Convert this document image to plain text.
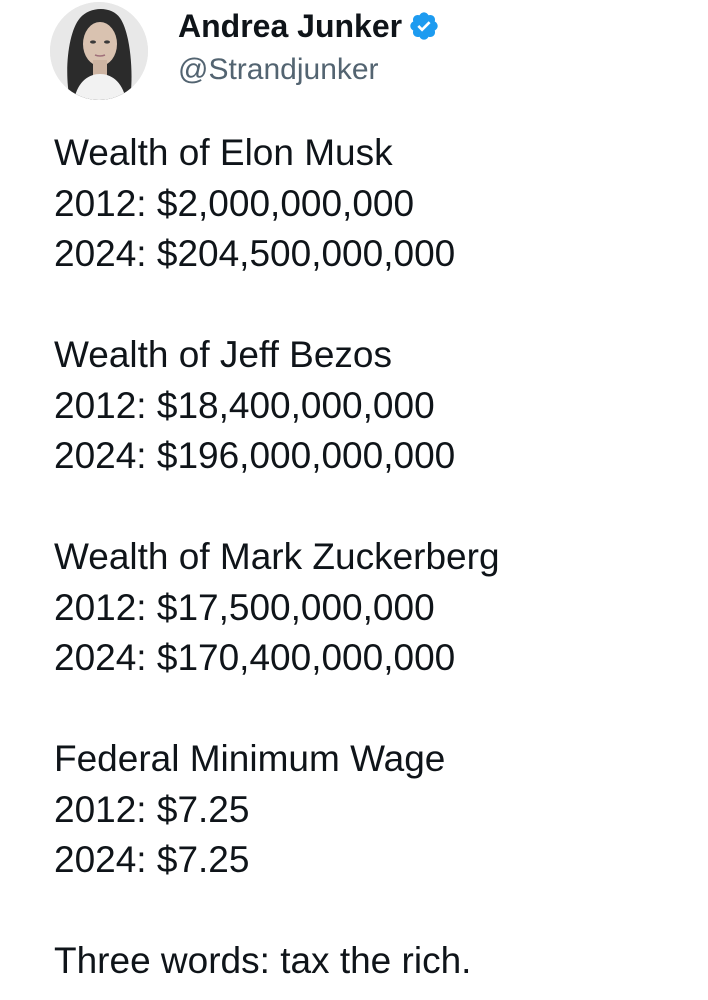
Andrea Junker
@Strandjunker
Wealth of Elon Musk
2012: $2,000,000,000
2024: $204,500,000,000
Wealth of Jeff Bezos
2012: $18,400,000,000
2024: $196,000,000,000
Wealth of Mark Zuckerberg
2012: $17,500,000,000
2024: $170,400,000,000
Federal Minimum Wage
2012: $7.25
2024: $7.25
Three words: tax the rich.
